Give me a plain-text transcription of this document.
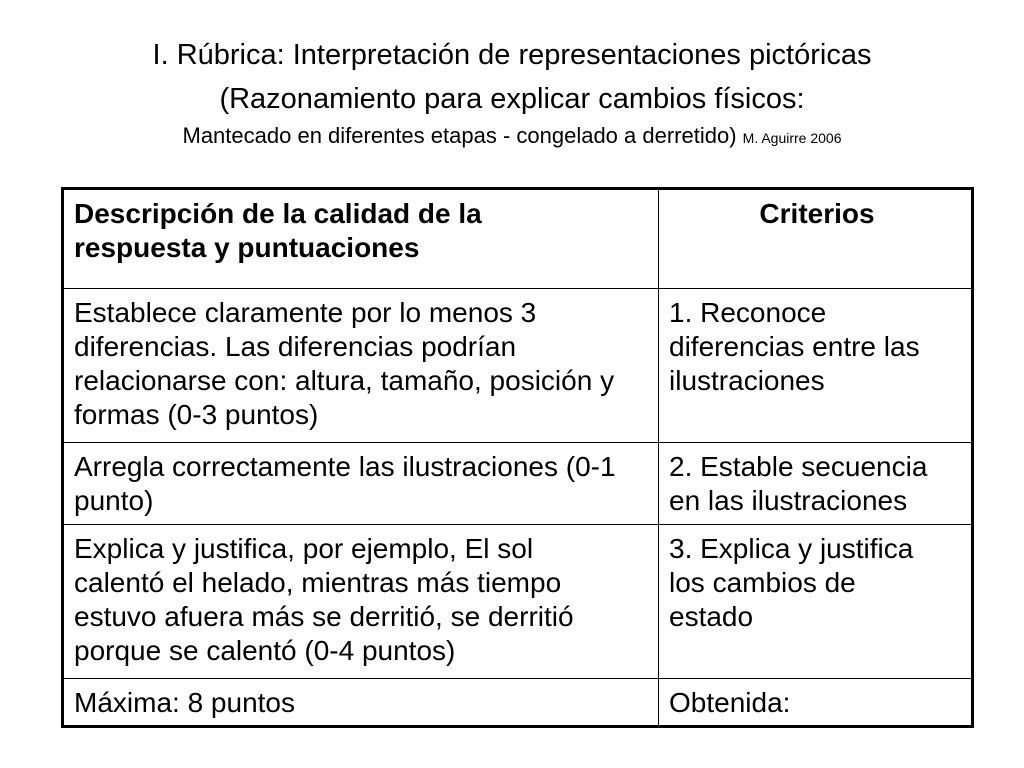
I. Rúbrica: Interpretación de representaciones pictóricas
(Razonamiento para explicar cambios físicos:
Mantecado en diferentes etapas - congelado a derretido) M. Aguirre 2006
Descripción de la calidad de la
respuesta y puntuaciones	Criterios
Establece claramente por lo menos 3
diferencias. Las diferencias podrían
relacionarse con: altura, tamaño, posición y
formas (0-3 puntos)	1. Reconoce
diferencias entre las
ilustraciones
Arregla correctamente las ilustraciones (0-1
punto)	2. Estable secuencia
en las ilustraciones
Explica y justifica, por ejemplo, El sol
calentó el helado, mientras más tiempo
estuvo afuera más se derritió, se derritió
porque se calentó (0-4 puntos)	3. Explica y justifica
los cambios de
estado
Máxima: 8 puntos	Obtenida:
